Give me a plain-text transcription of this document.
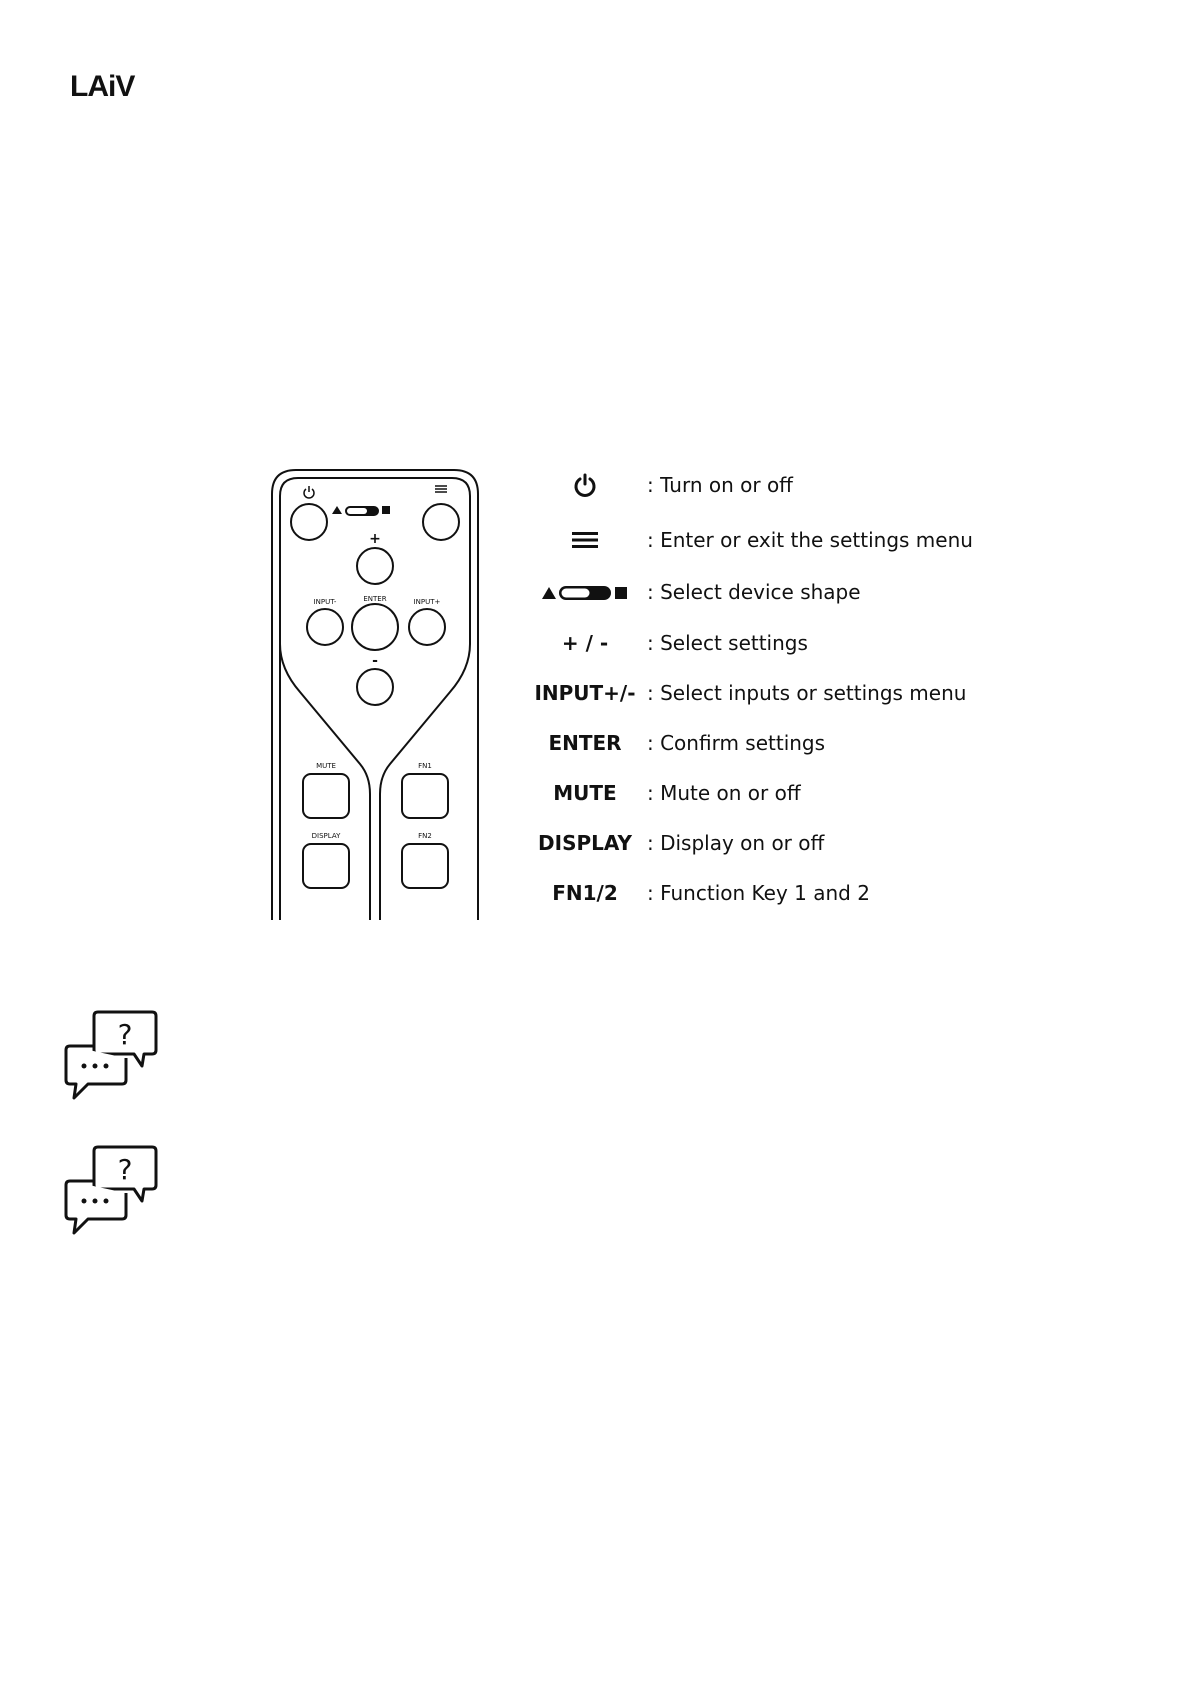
LAiV
+
INPUT-	ENTER	INPUT+
-
MUTE	FN1
DISPLAY	FN2
: Turn on or off
: Enter or exit the settings menu
: Select device shape
+ / -	: Select settings
INPUT+/- : Select inputs or settings menu
ENTER	: Confirm settings
MUTE	: Mute on or off
DISPLAY : Display on or off
FN1/2	: Function Key 1 and 2
?
?
